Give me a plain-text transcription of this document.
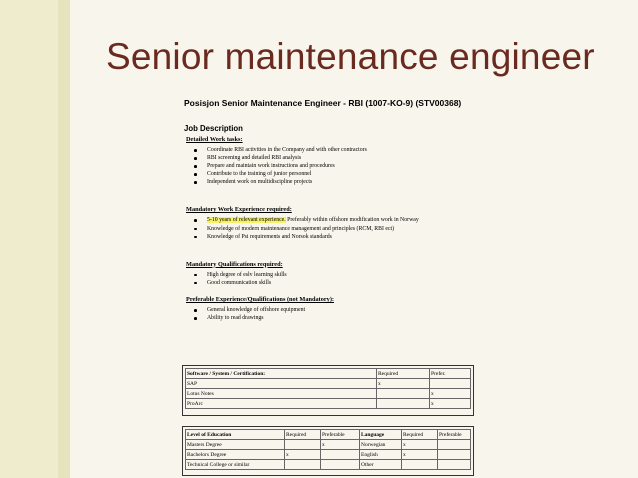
Senior maintenance engineer

Posisjon Senior Maintenance Engineer - RBI (1007-KO-9) (STV00368)

Job Description

Detailed Work tasks:

Coordinate RBI activities in the Company and with other contractors
RBI screening and detailed RBI analysis
Prepare and maintain work instructions and procedures
Contribute to the training of junior personnel
Independent work on multidiscipline projects

Mandatory Work Experience required:

5-10 years of relevant experience. Preferably within offshore modification work in Norway
Knowledge of modern maintenance management and principles (RCM, RBI ect)
Knowledge of Psi requirements and Norsok standards

Mandatory Qualifications required:

High degree of eslv learning skills
Good communication skills

Preferable Experience/Qualifications (not Mandatory):

General knowledge of offshore equipment
Ability to read drawings
Software / System / Certification:	Required	Prefer.
SAP	x	
Lotus Notes		x
ProArc		x
Level of Education	Required	Preferable	Language	Required	Preferable
Masters Degree		x	Norwegian	x	
Bachelors Degree	x		English	x	
Technical College or similar			Other		
